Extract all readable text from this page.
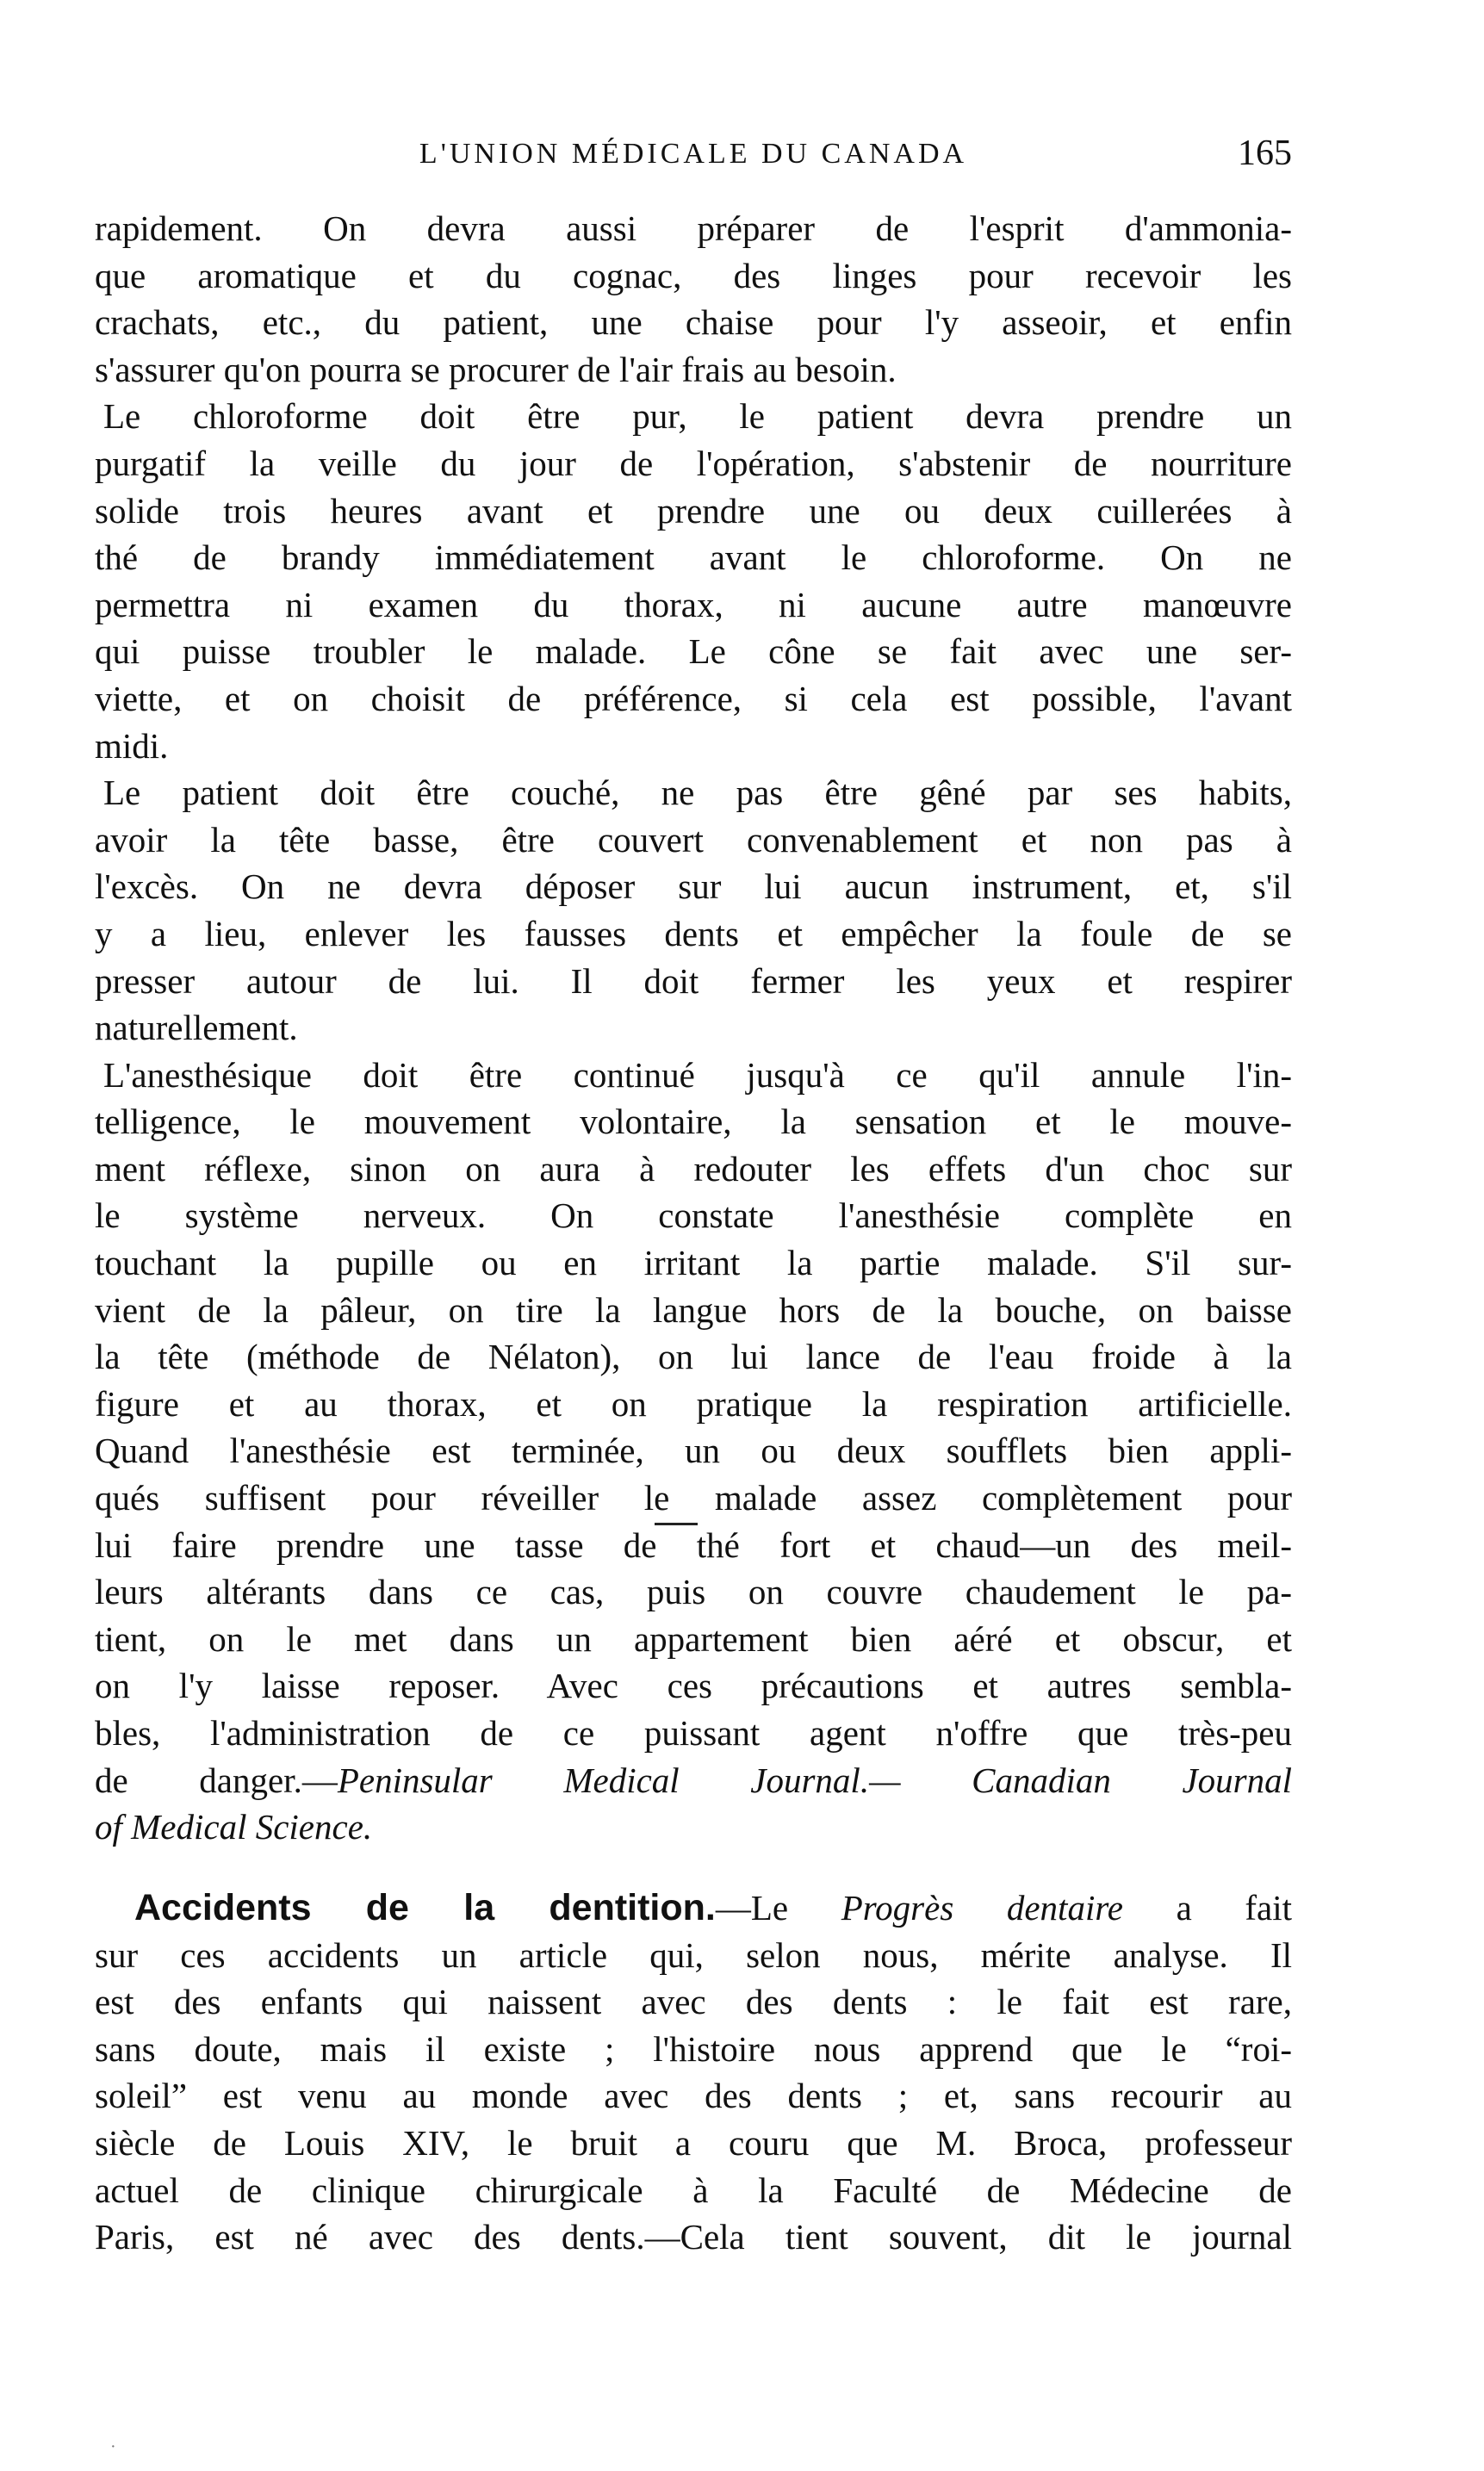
L'UNION MÉDICALE DU CANADA	165
rapidement. On devra aussi préparer de l'esprit d'ammonia-
que aromatique et du cognac, des linges pour recevoir les
crachats, etc., du patient, une chaise pour l'y asseoir, et enfin
s'assurer qu'on pourra se procurer de l'air frais au besoin.
Le chloroforme doit être pur, le patient devra prendre un
purgatif la veille du jour de l'opération, s'abstenir de nourriture
solide trois heures avant et prendre une ou deux cuillerées à
thé de brandy immédiatement avant le chloroforme. On ne
permettra ni examen du thorax, ni aucune autre manœuvre
qui puisse troubler le malade. Le cône se fait avec une ser-
viette, et on choisit de préférence, si cela est possible, l'avant
midi.
Le patient doit être couché, ne pas être gêné par ses habits,
avoir la tête basse, être couvert convenablement et non pas à
l'excès. On ne devra déposer sur lui aucun instrument, et, s'il
y a lieu, enlever les fausses dents et empêcher la foule de se
presser autour de lui. Il doit fermer les yeux et respirer
naturellement.
L'anesthésique doit être continué jusqu'à ce qu'il annule l'in-
telligence, le mouvement volontaire, la sensation et le mouve-
ment réflexe, sinon on aura à redouter les effets d'un choc sur
le système nerveux. On constate l'anesthésie complète en
touchant la pupille ou en irritant la partie malade. S'il sur-
vient de la pâleur, on tire la langue hors de la bouche, on baisse
la tête (méthode de Nélaton), on lui lance de l'eau froide à la
figure et au thorax, et on pratique la respiration artificielle.
Quand l'anesthésie est terminée, un ou deux soufflets bien appli-
qués suffisent pour réveiller le malade assez complètement pour
lui faire prendre une tasse de thé fort et chaud—un des meil-
leurs altérants dans ce cas, puis on couvre chaudement le pa-
tient, on le met dans un appartement bien aéré et obscur, et
on l'y laisse reposer. Avec ces précautions et autres sembla-
bles, l'administration de ce puissant agent n'offre que très-peu
de danger.—Peninsular Medical Journal.— Canadian Journal
of Medical Science.
Accidents de la dentition.—Le Progrès dentaire a fait
sur ces accidents un article qui, selon nous, mérite analyse. Il
est des enfants qui naissent avec des dents : le fait est rare,
sans doute, mais il existe ; l'histoire nous apprend que le “roi-
soleil” est venu au monde avec des dents ; et, sans recourir au
siècle de Louis XIV, le bruit a couru que M. Broca, professeur
actuel de clinique chirurgicale à la Faculté de Médecine de
Paris, est né avec des dents.—Cela tient souvent, dit le journal
·
